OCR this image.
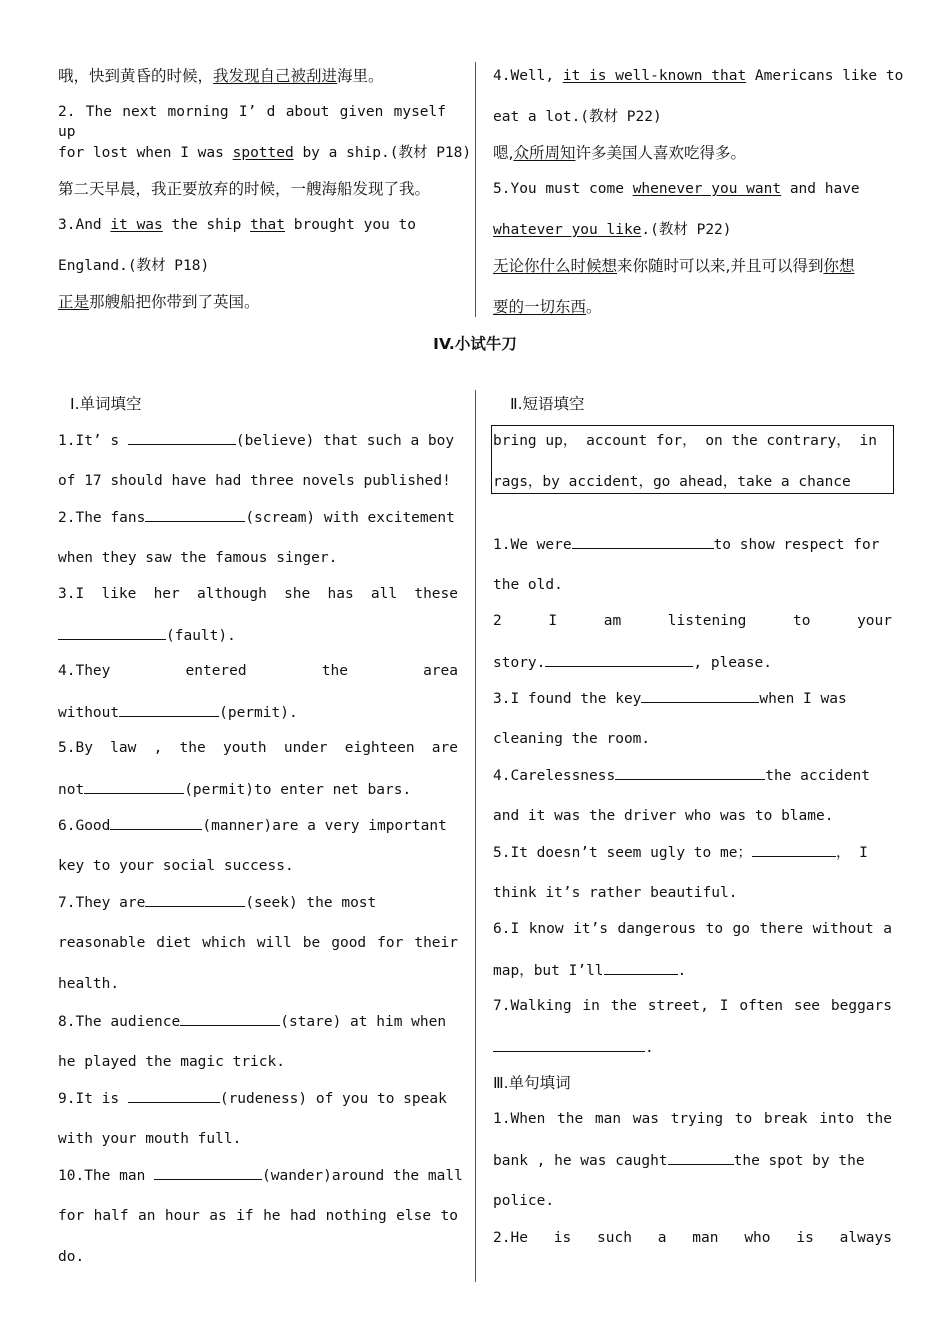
哦，快到黄昏的时候，我发现自己被刮进海里。
2. The next morning I’ d about given myself up
for lost when I was spotted by a ship.(教材 P18)
第二天早晨，我正要放弃的时候，一艘海船发现了我。
3.And it was the ship that brought you to
England.(教材 P18)
正是那艘船把你带到了英国。
4.Well, it is well-known that Americans like to
eat a lot.(教材 P22)
嗯,众所周知许多美国人喜欢吃得多。
5.You must come whenever you want and have
whatever you like.(教材 P22)
无论你什么时候想来你随时可以来,并且可以得到你想
要的一切东西。
IV.小试牛刀
Ⅰ.单词填空
1.It’ s	(believe) that such a boy
of 17 should have had three novels published!
2.The fans	(scream) with excitement
when they saw the famous singer.
3.I like her although she has all these
(fault).
4.They entered the area
without	(permit).
5.By law , the youth under eighteen are
not	(permit)to enter net bars.
6.Good	(manner)are a very important
key to your social success.
7.They are	(seek) the most
reasonable diet which will be good for their
health.
8.The audience	(stare) at him when
he played the magic trick.
9.It is	(rudeness) of you to speak
with your mouth full.
10.The man	(wander)around the mall
for half an hour as if he had nothing else to
do.
Ⅱ.短语填空
bring up， account for， on the contrary， in
rags，by accident，go ahead，take a chance
1.We were	to show respect for
the old.
2 I am listening to your
story.	, please.
3.I found the key	when I was
cleaning the room.
4.Carelessness	the accident
and it was the driver who was to blame.
5.It doesn’t seem ugly to me；	， I
think it’s rather beautiful.
6.I know it’s dangerous to go there without a
map，but I’ll	.
7.Walking in the street, I often see beggars
.
Ⅲ.单句填词
1.When the man was trying to break into the
bank , he was caught	the spot by the
police.
2.He is such a man who is always
